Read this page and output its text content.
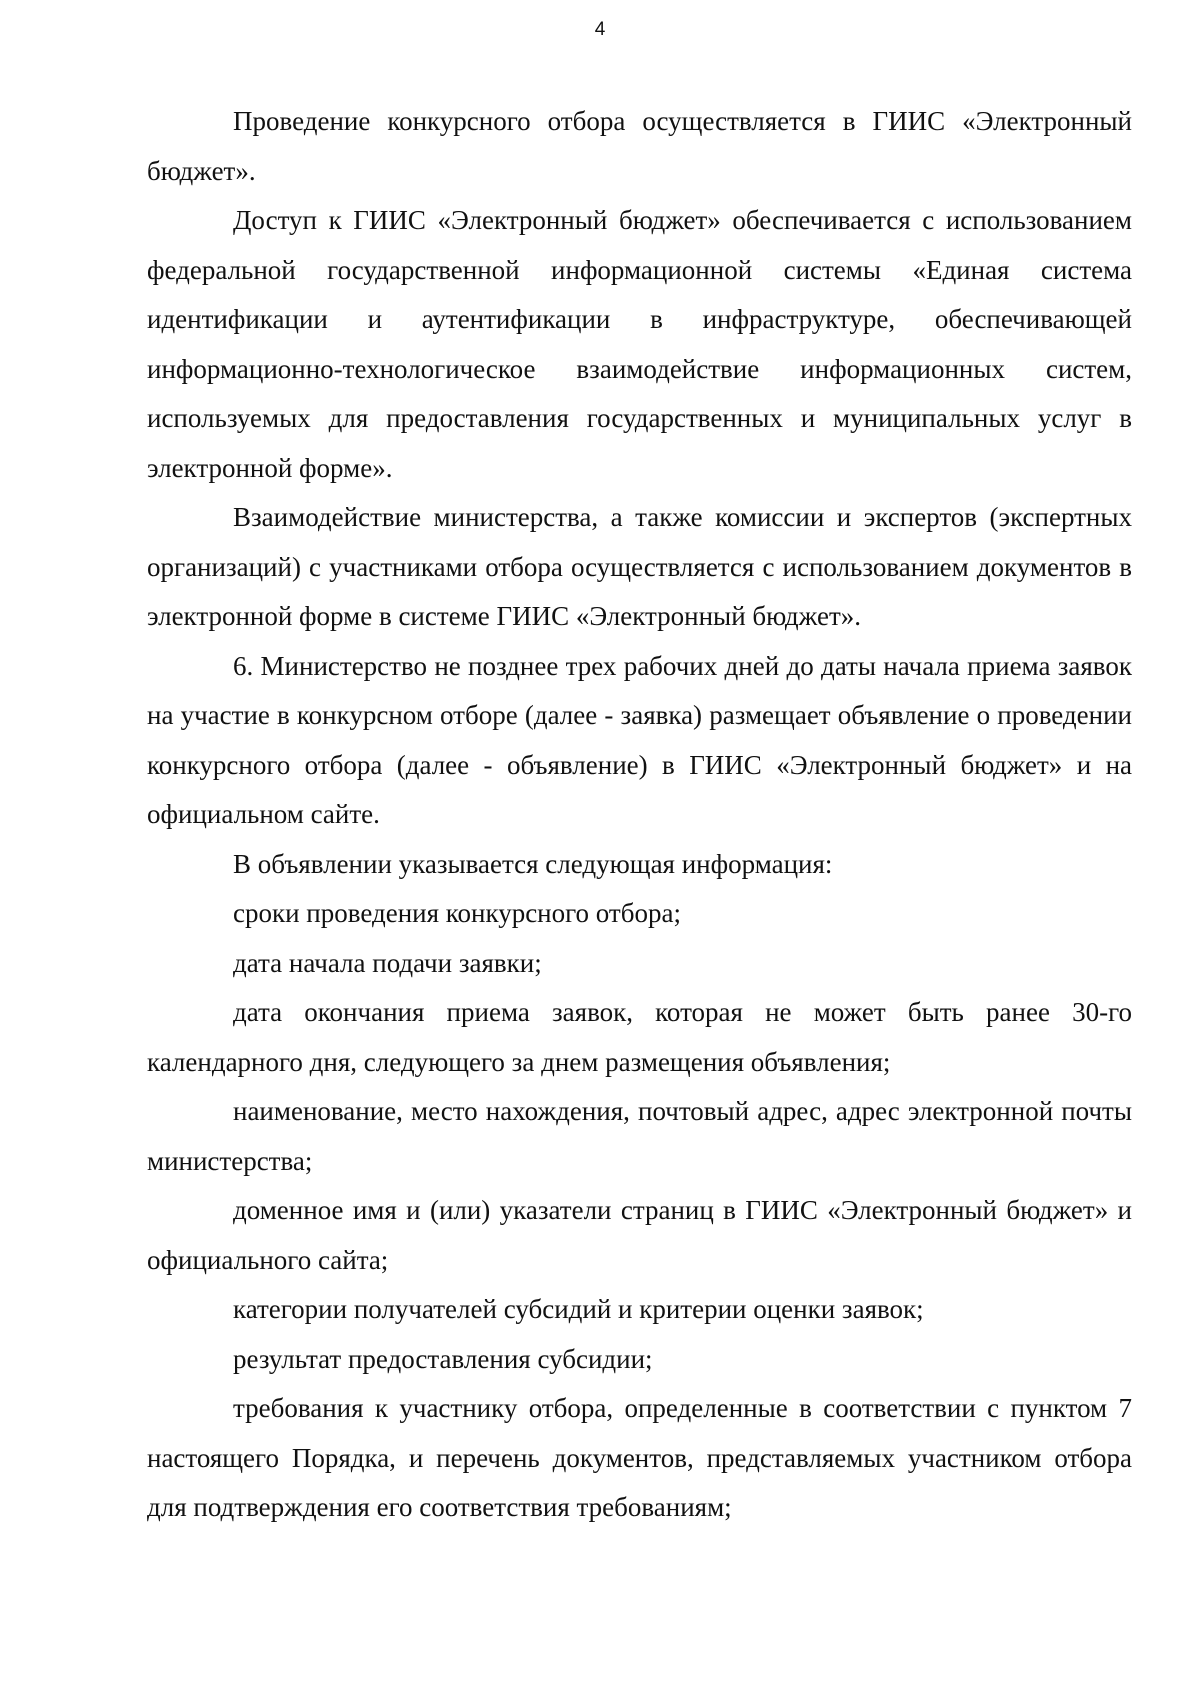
4

Проведение конкурсного отбора осуществляется в ГИИС «Электронный бюджет».

Доступ к ГИИС «Электронный бюджет» обеспечивается с использованием федеральной государственной информационной системы «Единая система идентификации и аутентификации в инфраструктуре, обеспечивающей информационно-технологическое взаимодействие информационных систем, используемых для предоставления государственных и муниципальных услуг в электронной форме».

Взаимодействие министерства, а также комиссии и экспертов (экспертных организаций) с участниками отбора осуществляется с использованием документов в электронной форме в системе ГИИС «Электронный бюджет».

6. Министерство не позднее трех рабочих дней до даты начала приема заявок на участие в конкурсном отборе (далее - заявка) размещает объявление о проведении конкурсного отбора (далее - объявление) в ГИИС «Электронный бюджет» и на официальном сайте.

В объявлении указывается следующая информация:

сроки проведения конкурсного отбора;

дата начала подачи заявки;

дата окончания приема заявок, которая не может быть ранее 30-го календарного дня, следующего за днем размещения объявления;

наименование, место нахождения, почтовый адрес, адрес электронной почты министерства;

доменное имя и (или) указатели страниц в ГИИС «Электронный бюджет» и официального сайта;

категории получателей субсидий и критерии оценки заявок;

результат предоставления субсидии;

требования к участнику отбора, определенные в соответствии с пунктом 7 настоящего Порядка, и перечень документов, представляемых участником отбора для подтверждения его соответствия требованиям;
